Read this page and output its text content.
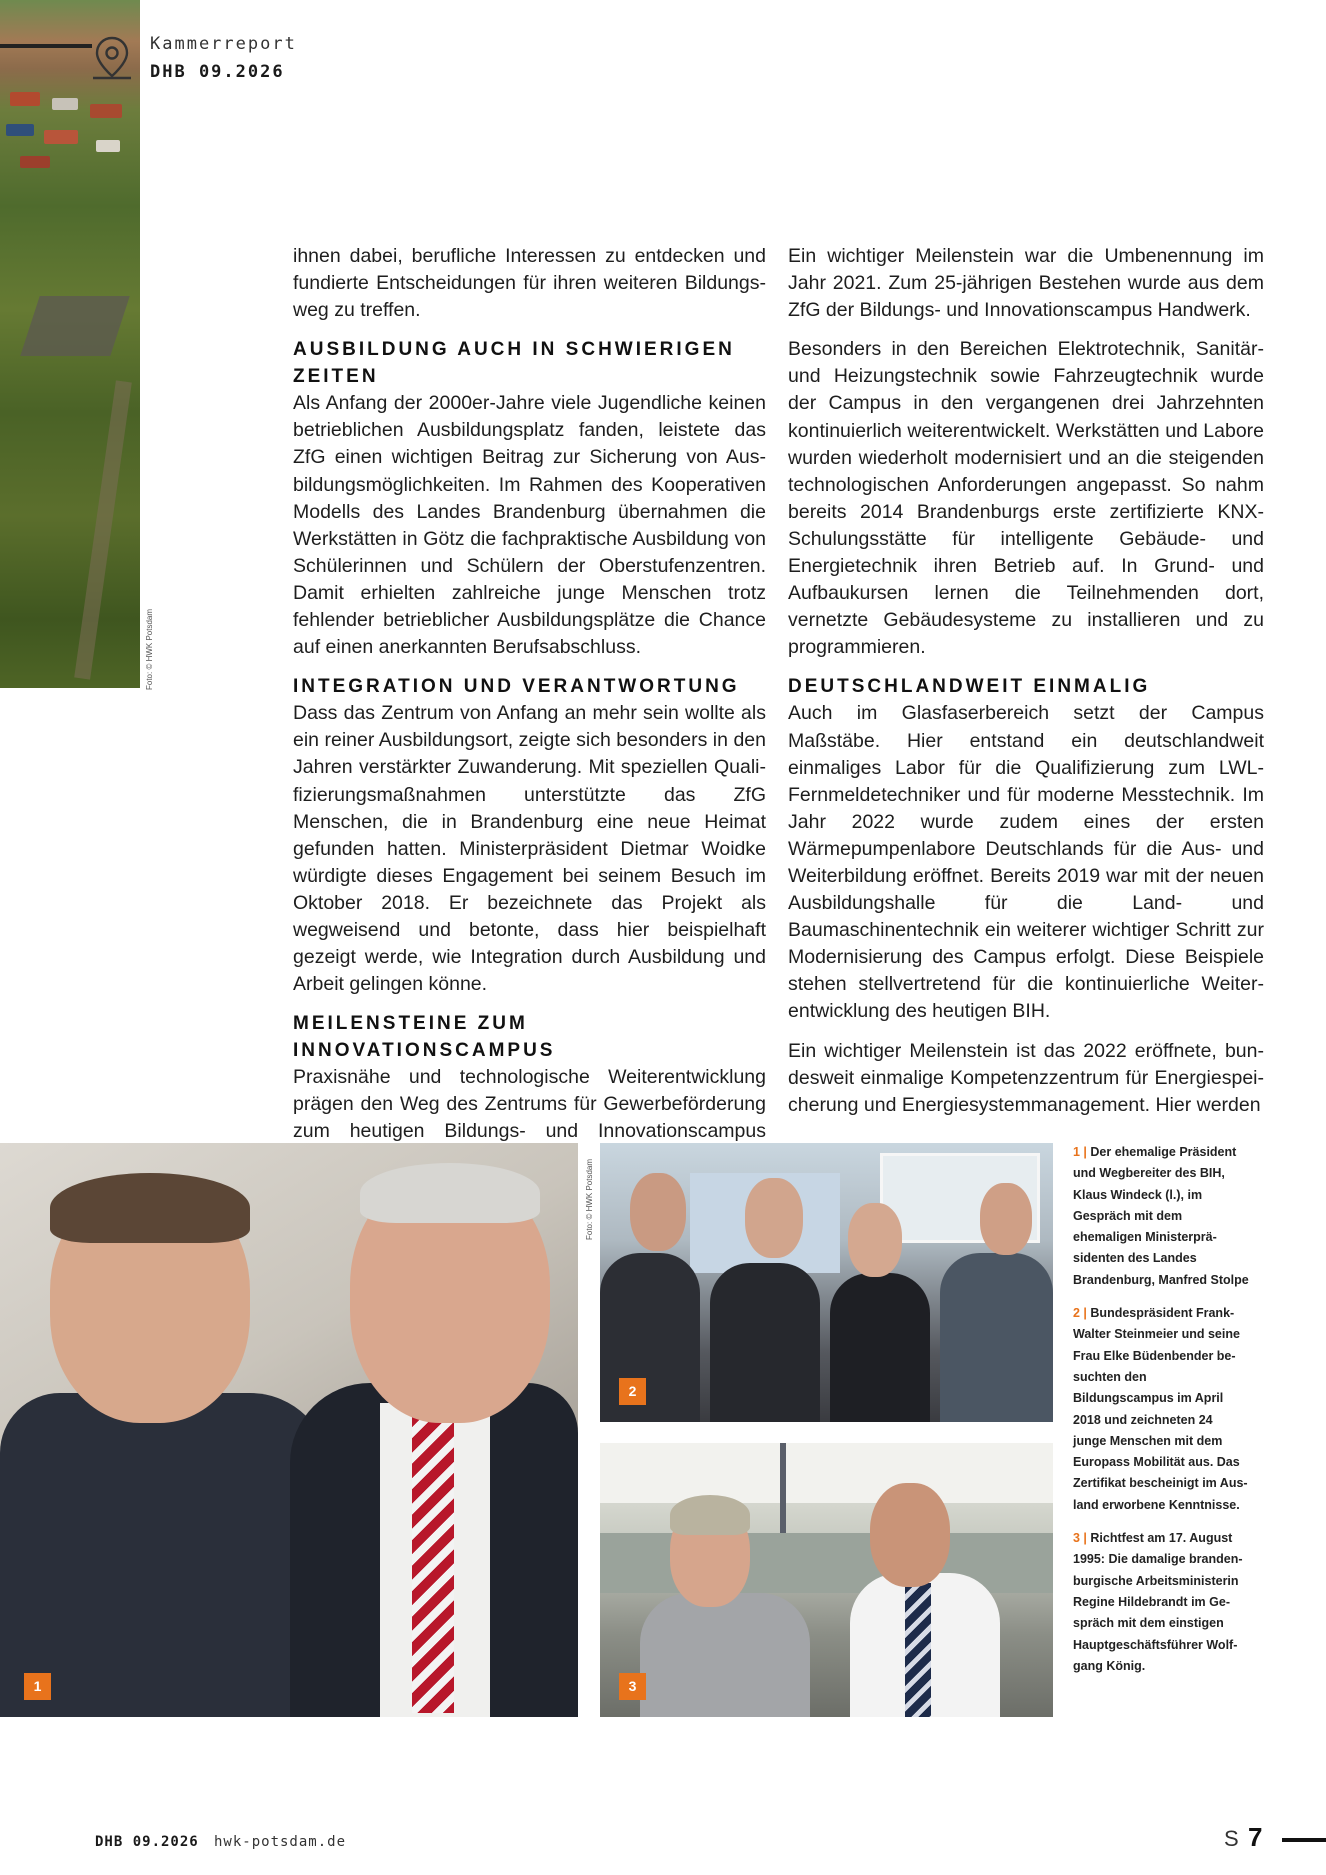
Kammerreport
DHB 09.2026
Foto: © HWK Potsdam

ihnen dabei, berufliche Interessen zu entdecken und fundierte Entscheidungen für ihren weiteren Bildungsweg zu treffen.

AUSBILDUNG AUCH IN SCHWIERIGEN ZEITEN

Als Anfang der 2000er-Jahre viele Jugendliche keinen betrieblichen Ausbildungsplatz fanden, leistete das ZfG einen wichtigen Beitrag zur Sicherung von Ausbildungsmöglichkeiten. Im Rahmen des Kooperativen Modells des Landes Brandenburg übernahmen die Werkstätten in Götz die fachpraktische Ausbildung von Schülerinnen und Schülern der Oberstufenzentren. Damit erhielten zahlreiche junge Menschen trotz fehlender betrieblicher Ausbildungsplätze die Chance auf einen anerkannten Berufsabschluss.

INTEGRATION UND VERANTWORTUNG

Dass das Zentrum von Anfang an mehr sein wollte als ein reiner Ausbildungsort, zeigte sich besonders in den Jahren verstärkter Zuwanderung. Mit speziellen Qualifizierungsmaßnahmen unterstützte das ZfG Menschen, die in Brandenburg eine neue Heimat gefunden hatten. Ministerpräsident Dietmar Woidke würdigte dieses Engagement bei seinem Besuch im Oktober 2018. Er bezeichnete das Projekt als wegweisend und betonte, dass hier beispielhaft gezeigt werde, wie Integration durch Ausbildung und Arbeit gelingen könne.

MEILENSTEINE ZUM INNOVATIONSCAMPUS

Praxisnähe und technologische Weiterentwicklung prägen den Weg des Zentrums für Gewerbeförderung zum heutigen Bildungs- und Innovationscampus

Ein wichtiger Meilenstein war die Umbenennung im Jahr 2021. Zum 25-jährigen Bestehen wurde aus dem ZfG der Bildungs- und Innovationscampus Handwerk.

Besonders in den Bereichen Elektrotechnik, Sanitär- und Heizungstechnik sowie Fahrzeugtechnik wurde der Campus in den vergangenen drei Jahrzehnten kontinuierlich weiterentwickelt. Werkstätten und Labore wurden wiederholt modernisiert und an die steigenden technologischen Anforderungen angepasst. So nahm bereits 2014 Brandenburgs erste zertifizierte KNX-Schulungsstätte für intelligente Gebäude- und Energietechnik ihren Betrieb auf. In Grund- und Aufbaukursen lernen die Teilnehmenden dort, vernetzte Gebäudesysteme zu installieren und zu programmieren.

DEUTSCHLANDWEIT EINMALIG

Auch im Glasfaserbereich setzt der Campus Maßstäbe. Hier entstand ein deutschlandweit einmaliges Labor für die Qualifizierung zum LWL-Fernmeldetechniker und für moderne Messtechnik. Im Jahr 2022 wurde zudem eines der ersten Wärmepumpenlabore Deutschlands für die Aus- und Weiterbildung eröffnet. Bereits 2019 war mit der neuen Ausbildungshalle für die Land- und Baumaschinentechnik ein weiterer wichtiger Schritt zur Modernisierung des Campus erfolgt. Diese Beispiele stehen stellvertretend für die kontinuierliche Weiterentwicklung des heutigen BIH.

Ein wichtiger Meilenstein ist das 2022 eröffnete, bundesweit einmalige Kompetenzzentrum für Energiespeicherung und Energiesystemmanagement. Hier werden

1
Foto: © HWK Potsdam
2
3

1 | Der ehemalige Präsident und Wegbereiter des BIH, Klaus Windeck (l.), im Gespräch mit dem ehemaligen Ministerpräsidenten des Landes Brandenburg, Manfred Stolpe

2 | Bundespräsident Frank-Walter Steinmeier und seine Frau Elke Büdenbender besuchten den Bildungscampus im April 2018 und zeichneten 24 junge Menschen mit dem Europass Mobilität aus. Das Zertifikat bescheinigt im Ausland erworbene Kenntnisse.

3 | Richtfest am 17. August 1995: Die damalige brandenburgische Arbeitsministerin Regine Hildebrandt im Gespräch mit dem einstigen Hauptgeschäftsführer Wolfgang König.

DHB 09.2026 hwk-potsdam.de	S 7
